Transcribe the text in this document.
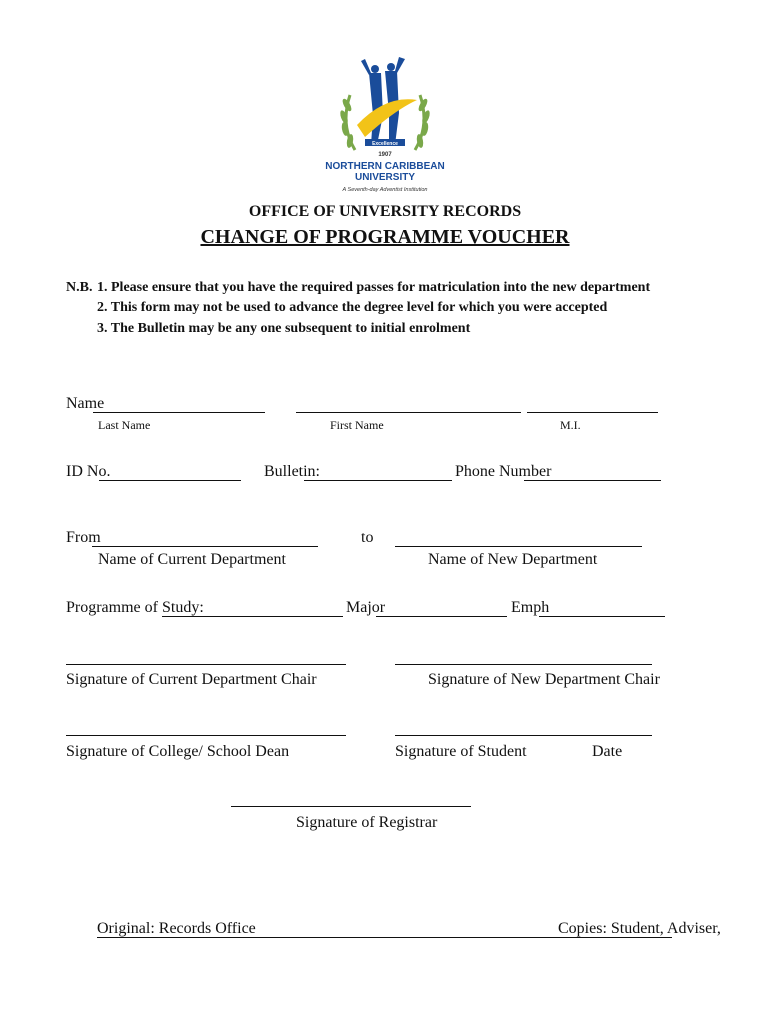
Excellence
1907
NORTHERN CARIBBEAN
UNIVERSITY
A Seventh-day Adventist Institution
OFFICE OF UNIVERSITY RECORDS
CHANGE OF PROGRAMME VOUCHER
N.B. 1. Please ensure that you have the required passes for matriculation into the new department
2. This form may not be used to advance the degree level for which you were accepted
3. The Bulletin may be any one subsequent to initial enrolment
Name
Last Name	First Name	M.I.
ID No.	Bulletin:	Phone Number
From	to
Name of Current Department	Name of New Department
Programme of Study:	Major	Emph
Signature of Current Department Chair	Signature of New Department Chair
Signature of College/ School Dean	Signature of Student	Date
Signature of Registrar
Original: Records Office	Copies: Student, Adviser,
